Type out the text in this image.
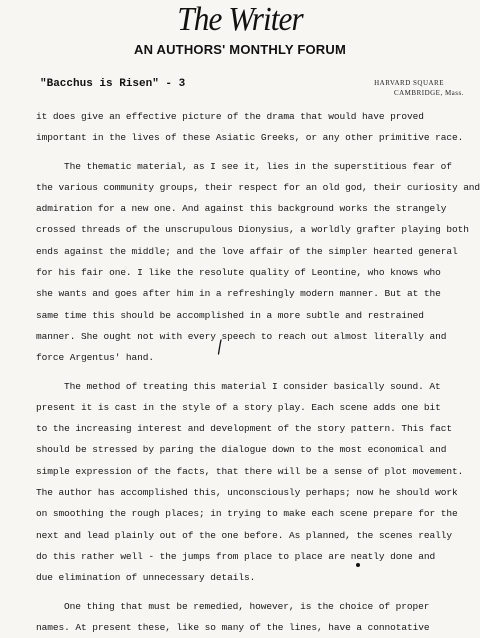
The Writer
AN AUTHORS' MONTHLY FORUM
"Bacchus is Risen" - 3	HARVARD SQUARE
CAMBRIDGE, Mass.
it does give an effective picture of the drama that would have proved
important in the lives of these Asiatic Greeks, or any other primitive race.
The thematic material, as I see it, lies in the superstitious fear of
the various community groups, their respect for an old god, their curiosity and
admiration for a new one. And against this background works the strangely
crossed threads of the unscrupulous Dionysius, a worldly grafter playing both
ends against the middle; and the love affair of the simpler hearted general
for his fair one. I like the resolute quality of Leontine, who knows who
she wants and goes after him in a refreshingly modern manner. But at the
same time this should be accomplished in a more subtle and restrained
manner. She ought not with every speech to reach out almost literally and
force Argentus' hand.
The method of treating this material I consider basically sound. At
present it is cast in the style of a story play. Each scene adds one bit
to the increasing interest and development of the story pattern. This fact
should be stressed by paring the dialogue down to the most economical and
simple expression of the facts, that there will be a sense of plot movement.
The author has accomplished this, unconsciously perhaps; now he should work
on smoothing the rough places; in trying to make each scene prepare for the
next and lead plainly out of the one before. As planned, the scenes really
do this rather well - the jumps from place to place are neatly done and
due elimination of unnecessary details.
One thing that must be remedied, however, is the choice of proper
names. At present these, like so many of the lines, have a connotative
